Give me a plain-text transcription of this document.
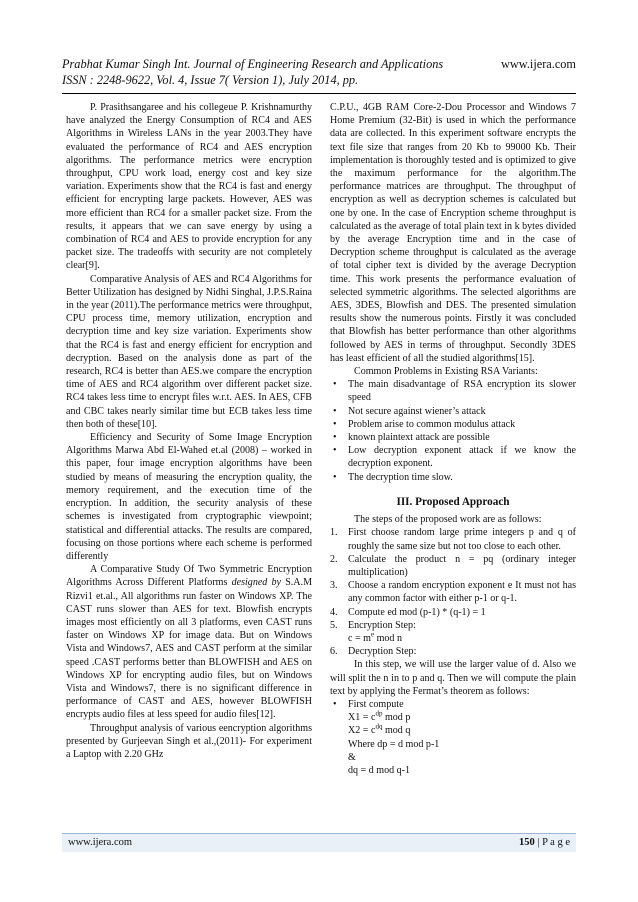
Prabhat Kumar Singh Int. Journal of Engineering Research and Applications	www.ijera.com
ISSN : 2248-9622, Vol. 4, Issue 7( Version 1), July 2014, pp.

P. Prasithsangaree and his collegeue P. Krishnamurthy have analyzed the Energy Consumption of RC4 and AES Algorithms in Wireless LANs in the year 2003.They have evaluated the performance of RC4 and AES encryption algorithms. The performance metrics were encryption throughput, CPU work load, energy cost and key size variation. Experiments show that the RC4 is fast and energy efficient for encrypting large packets. However, AES was more efficient than RC4 for a smaller packet size. From the results, it appears that we can save energy by using a combination of RC4 and AES to provide encryption for any packet size. The tradeoffs with security are not completely clear[9].

Comparative Analysis of AES and RC4 Algorithms for Better Utilization has designed by Nidhi Singhal, J.P.S.Raina in the year (2011).The performance metrics were throughput, CPU process time, memory utilization, encryption and decryption time and key size variation. Experiments show that the RC4 is fast and energy efficient for encryption and decryption. Based on the analysis done as part of the research, RC4 is better than AES.we compare the encryption time of AES and RC4 algorithm over different packet size. RC4 takes less time to encrypt files w.r.t. AES. In AES, CFB and CBC takes nearly similar time but ECB takes less time then both of these[10].

Efficiency and Security of Some Image Encryption Algorithms Marwa Abd El-Wahed et.al (2008) – worked in this paper, four image encryption algorithms have been studied by means of measuring the encryption quality, the memory requirement, and the execution time of the encryption. In addition, the security analysis of these schemes is investigated from cryptographic viewpoint; statistical and differential attacks. The results are compared, focusing on those portions where each scheme is performed differently

A Comparative Study Of Two Symmetric Encryption Algorithms Across Different Platforms designed by S.A.M Rizvi1 et.al., All algorithms run faster on Windows XP. The CAST runs slower than AES for text. Blowfish encrypts images most efficiently on all 3 platforms, even CAST runs faster on Windows XP for image data. But on Windows Vista and Windows7, AES and CAST perform at the similar speed .CAST performs better than BLOWFISH and AES on Windows XP for encrypting audio files, but on Windows Vista and Windows7, there is no significant difference in performance of CAST and AES, however BLOWFISH encrypts audio files at less speed for audio files[12].

Throughput analysis of various eencryption algorithms presented by Gurjeevan Singh et al.,(2011)- For experiment a Laptop with 2.20 GHz

C.P.U., 4GB RAM Core-2-Dou Processor and Windows 7 Home Premium (32-Bit) is used in which the performance data are collected. In this experiment software encrypts the text file size that ranges from 20 Kb to 99000 Kb. Their implementation is thoroughly tested and is optimized to give the maximum performance for the algorithm.The performance matrices are throughput. The throughput of encryption as well as decryption schemes is calculated but one by one. In the case of Encryption scheme throughput is calculated as the average of total plain text in k bytes divided by the average Encryption time and in the case of Decryption scheme throughput is calculated as the average of total cipher text is divided by the average Decryption time. This work presents the performance evaluation of selected symmetric algorithms. The selected algorithms are AES, 3DES, Blowfish and DES. The presented simulation results show the numerous points. Firstly it was concluded that Blowfish has better performance than other algorithms followed by AES in terms of throughput. Secondly 3DES has least efficient of all the studied algorithms[15].

Common Problems in Existing RSA Variants:

• The main disadvantage of RSA encryption its slower speed
• Not secure against wiener’s attack
• Problem arise to common modulus attack
• known plaintext attack are possible
• Low decryption exponent attack if we know the decryption exponent.
• The decryption time slow.
III. Proposed Approach

The steps of the proposed work are as follows:

1. First choose random large prime integers p and q of roughly the same size but not too close to each other.
2. Calculate the product n = pq (ordinary integer multiplication)
3. Choose a random encryption exponent e It must not has any common factor with either p-1 or q-1.
4. Compute ed mod (p-1) * (q-1) = 1
5. Encryption Step:
$c = m^e$ mod n
6. Decryption Step:

In this step, we will use the larger value of d. Also we will split the n in to p and q. Then we will compute the plain text by applying the Fermat’s theorem as follows:

• First compute
$X1 = c^{dp}$ mod p
$X2 = c^{dq}$ mod q
Where dp = d mod p-1
&
dq = d mod q-1
www.ijera.com	150 | P a g e
